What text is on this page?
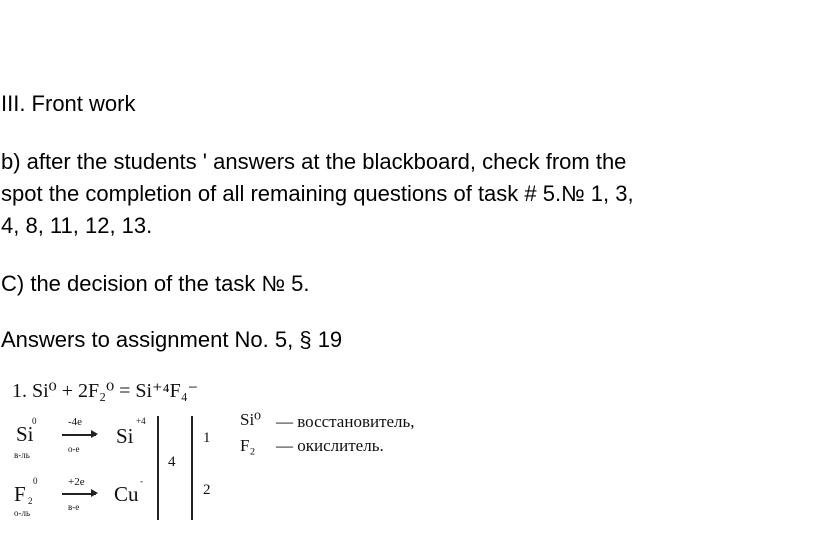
III. Front work
b) after the students ' answers at the blackboard, check from the
spot the completion of all remaining questions of task # 5.№ 1, 3,
4, 8, 11, 12, 13.
C) the decision of the task № 5.
Answers to assignment No. 5, § 19
1. Si⁰ + 2F₂⁰ = Si⁺⁴F₄⁻
Si
0
в-ль
-4e
о-е
Si
+4
1
F 2
0
о-ль
+2e
в-е
Cu
-
2
4
Si⁰ — восстановитель,
F₂ — окислитель.
